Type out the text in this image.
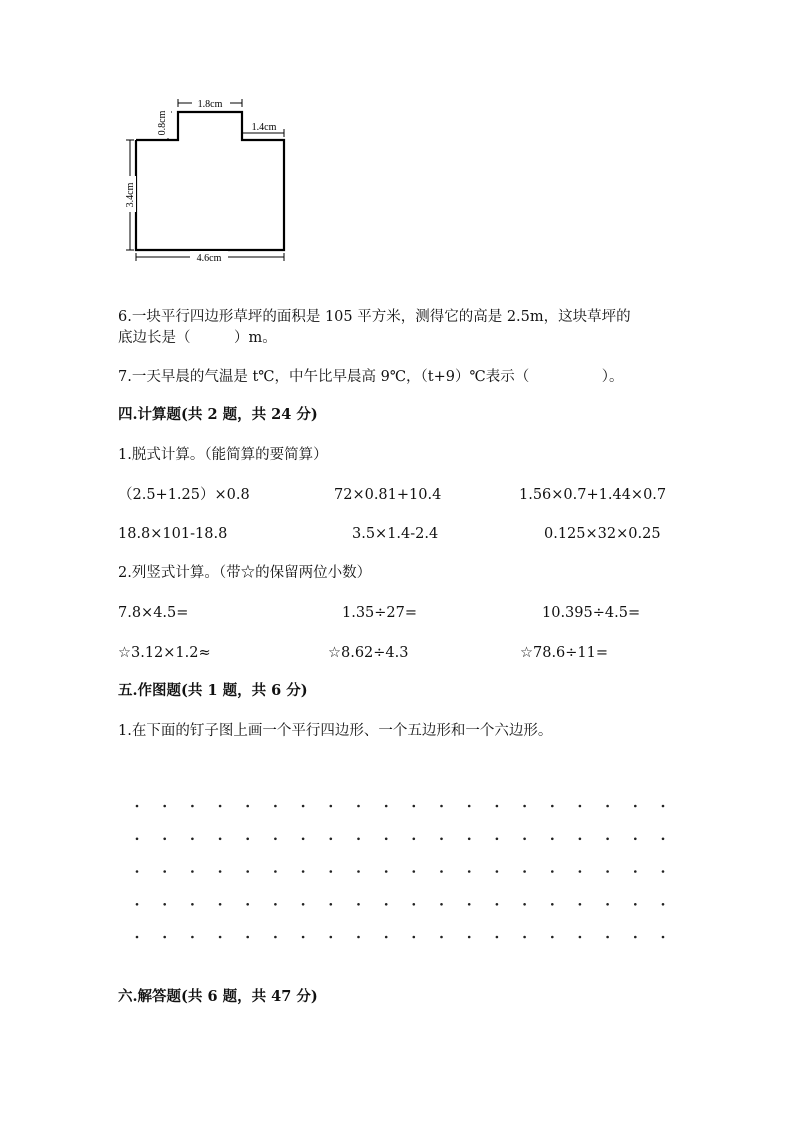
1.8cm
0.8cm	1.4cm
3.4cm
4.6cm
6.一块平行四边形草坪的面积是 105 平方米，测得它的高是 2.5m，这块草坪的
底边长是（　　　）m。
7.一天早晨的气温是 t℃，中午比早晨高 9℃，（t+9）℃表示（　　　　　）。
四.计算题(共 2 题，共 24 分)
1.脱式计算。（能简算的要简算）
（2.5+1.25）×0.8	72×0.81+10.4	1.56×0.7+1.44×0.7
18.8×101-18.8	3.5×1.4-2.4	0.125×32×0.25
2.列竖式计算。（带☆的保留两位小数）
7.8×4.5=	1.35÷27=	10.395÷4.5=
☆3.12×1.2≈	☆8.62÷4.3	☆78.6÷11=
五.作图题(共 1 题，共 6 分)
1.在下面的钉子图上画一个平行四边形、一个五边形和一个六边形。
六.解答题(共 6 题，共 47 分)
